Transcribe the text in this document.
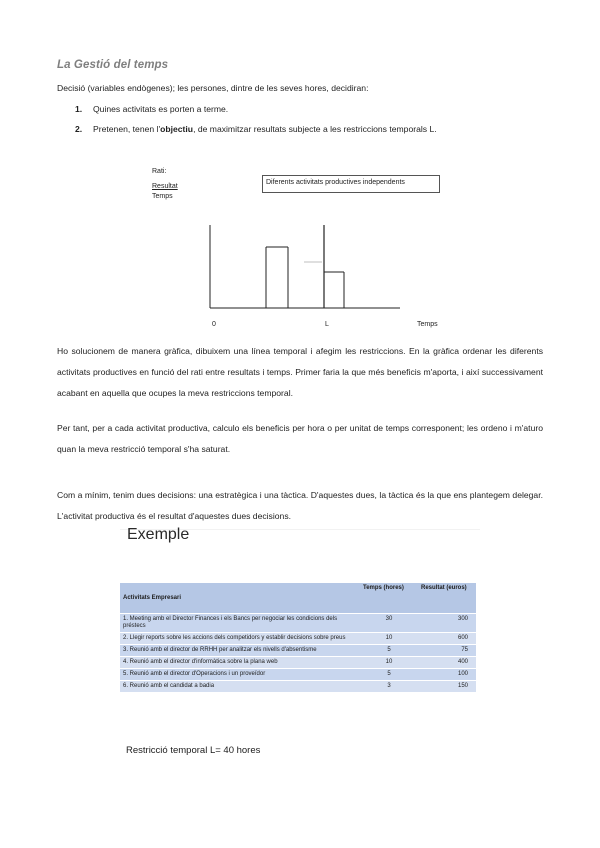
La Gestió del temps
Decisió (variables endògenes); les persones, dintre de les seves hores, decidiran:
1. Quines activitats es porten a terme.
2. Pretenen, tenen l'objectiu, de maximitzar resultats subjecte a les restriccions temporals L.
Rati:
Resultat
Temps
Diferents activitats productives independents
0	L	Temps
Ho solucionem de manera gràfica, dibuixem una línea temporal i afegim les restriccions. En la gràfica ordenar les diferents activitats productives en funció del rati entre resultats i temps. Primer faria la que més beneficis m'aporta, i així successivament acabant en aquella que ocupes la meva restriccions temporal.
Per tant, per a cada activitat productiva, calculo els beneficis per hora o per unitat de temps corresponent; les ordeno i m'aturo quan la meva restricció temporal s'ha saturat.
Com a mínim, tenim dues decisions: una estratègica i una tàctica. D'aquestes dues, la tàctica és la que ens plantegem delegar. L'activitat productiva és el resultat d'aquestes dues decisions.
Exemple
Activitats Empresari	Temps (hores)	Resultat (euros)
1. Meeting amb el Director Finances i els Bancs per negociar les condicions dels préstecs	30	300
2. Llegir reports sobre les accions dels competidors y establir decisions sobre preus	10	600
3. Reunió amb el director de RRHH per analitzar els nivells d'absentisme	5	75
4. Reunió amb el director d'informàtica sobre la plana web	10	400
5. Reunió amb el director d'Operacions i un proveïdor	5	100
6. Reunió amb el candidat a badia	3	150
Restricció temporal L= 40 hores
